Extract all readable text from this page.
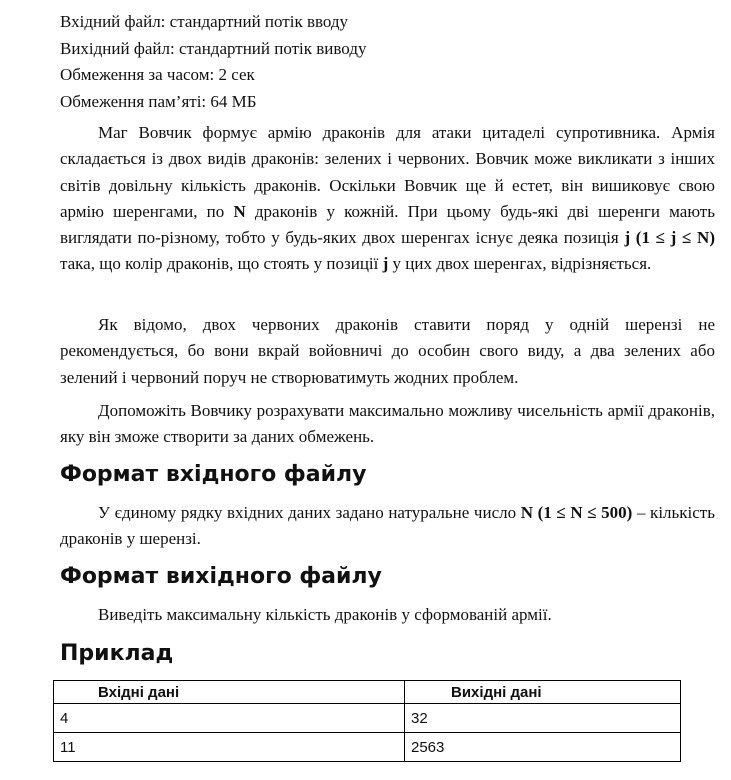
Вхідний файл: стандартний потік вводу
Вихідний файл: стандартний потік виводу
Обмеження за часом: 2 сек
Обмеження пам’яті: 64 МБ
Маг Вовчик формує армію драконів для атаки цитаделі супротивника. Армія складається із двох видів драконів: зелених і червоних. Вовчик може викликати з інших світів довільну кількість драконів. Оскільки Вовчик ще й естет, він вишиковує свою армію шеренгами, по N драконів у кожній. При цьому будь-які дві шеренги мають виглядати по-різному, тобто у будь-яких двох шеренгах існує деяка позиція j (1 ≤ j ≤ N) така, що колір драконів, що стоять у позиції j у цих двох шеренгах, відрізняється.
Як відомо, двох червоних драконів ставити поряд у одній шерензі не рекомендується, бо вони вкрай войовничі до особин свого виду, а два зелених або зелений і червоний поруч не створюватимуть жодних проблем.
Допоможіть Вовчику розрахувати максимально можливу чисельність армії драконів, яку він зможе створити за даних обмежень.
Формат вхідного файлу
У єдиному рядку вхідних даних задано натуральне число N (1 ≤ N ≤ 500) – кількість драконів у шерензі.
Формат вихідного файлу
Виведіть максимальну кількість драконів у сформованій армії.
Приклад
Вхідні дані	Вихідні дані
4	32
11	2563
